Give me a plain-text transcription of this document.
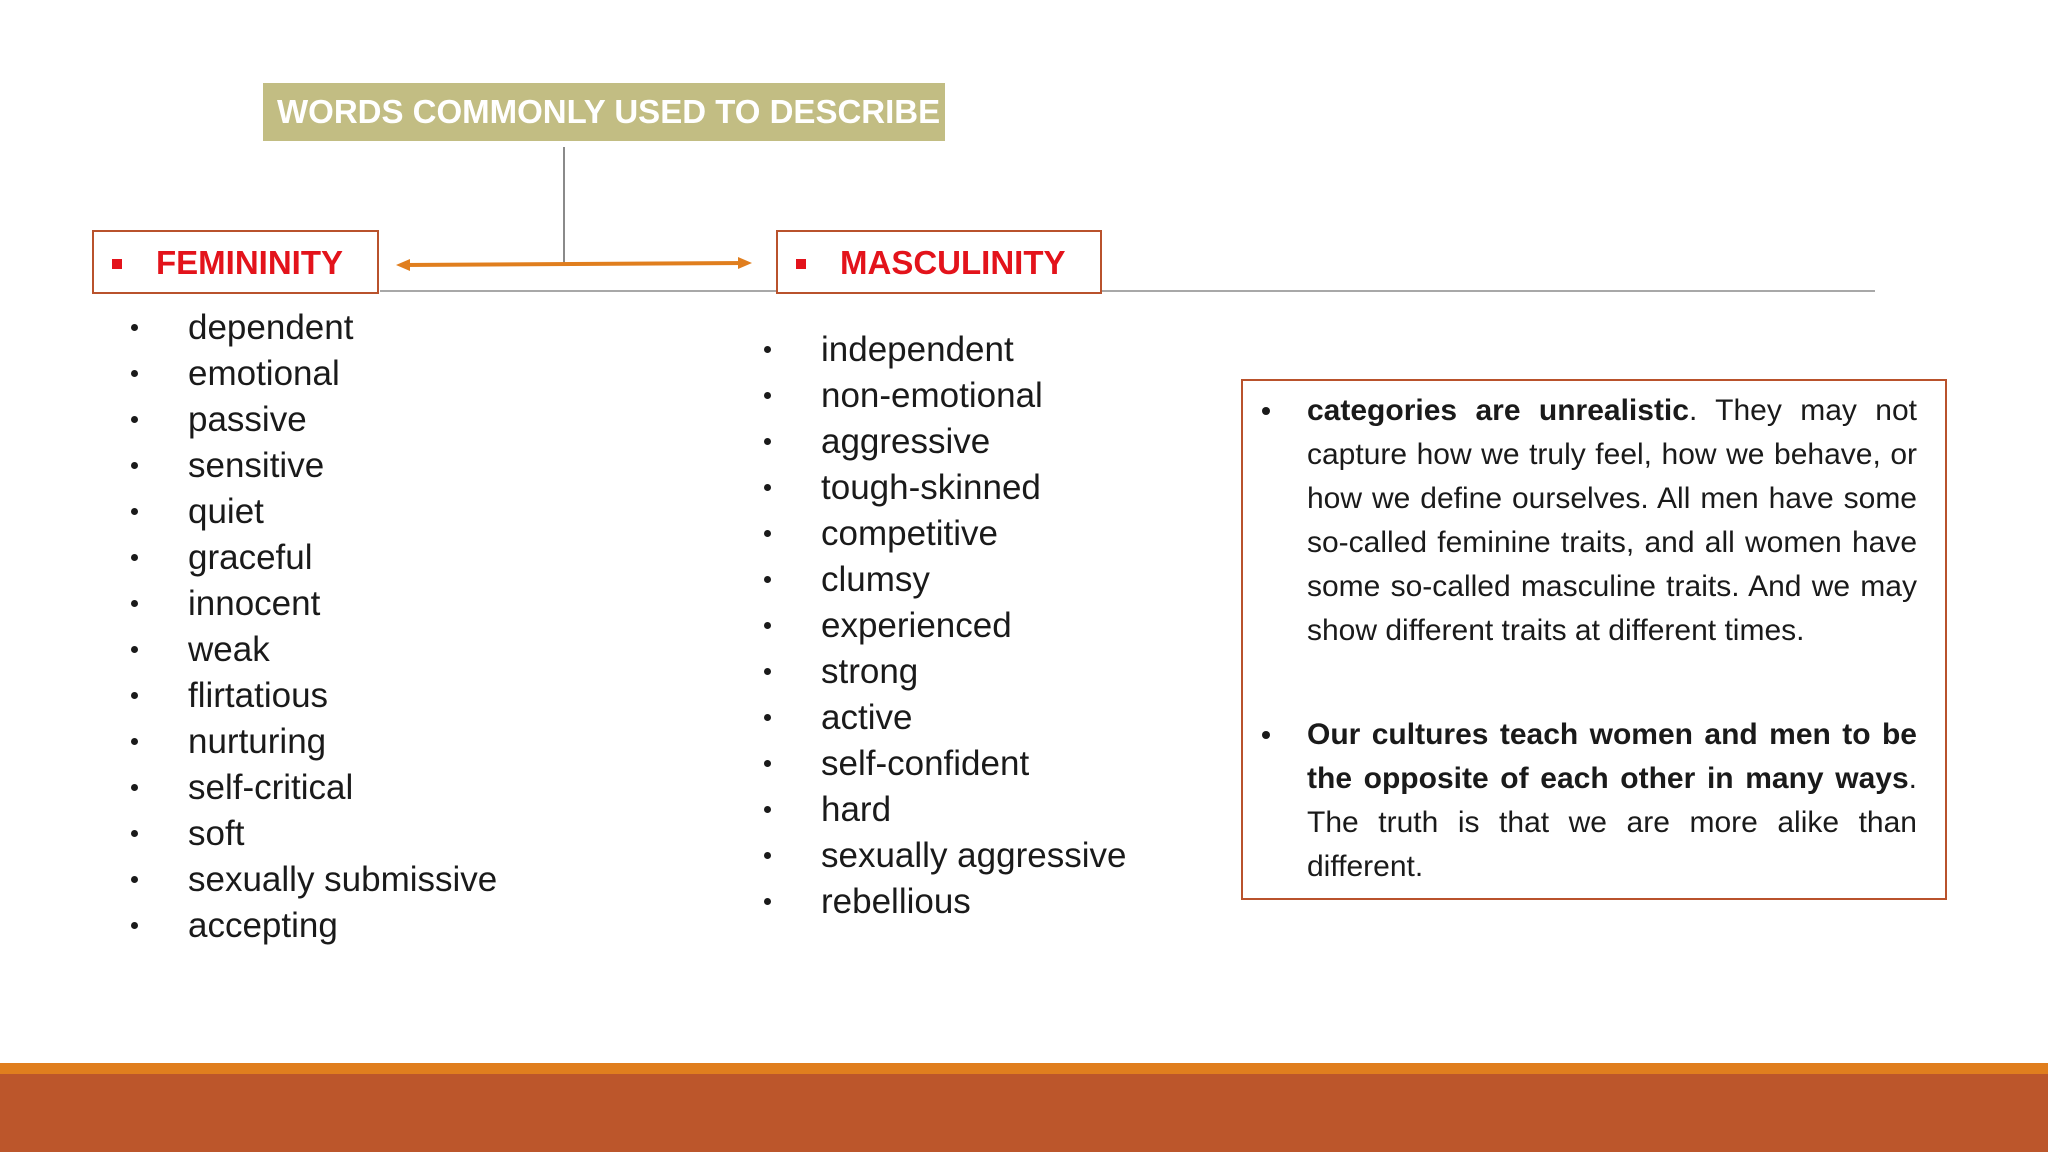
WORDS COMMONLY USED TO DESCRIBE
FEMININITY	MASCULINITY
dependent
emotional
passive
sensitive
quiet
graceful
innocent
weak
flirtatious
nurturing
self-critical
soft
sexually submissive
accepting
independent
non-emotional
aggressive
tough-skinned
competitive
clumsy
experienced
strong
active
self-confident
hard
sexually aggressive
rebellious
categories are unrealistic. They may not capture how we truly feel, how we behave, or how we define ourselves. All men have some so-called feminine traits, and all women have some so-called masculine traits. And we may show different traits at different times.
Our cultures teach women and men to be the opposite of each other in many ways. The truth is that we are more alike than different.
